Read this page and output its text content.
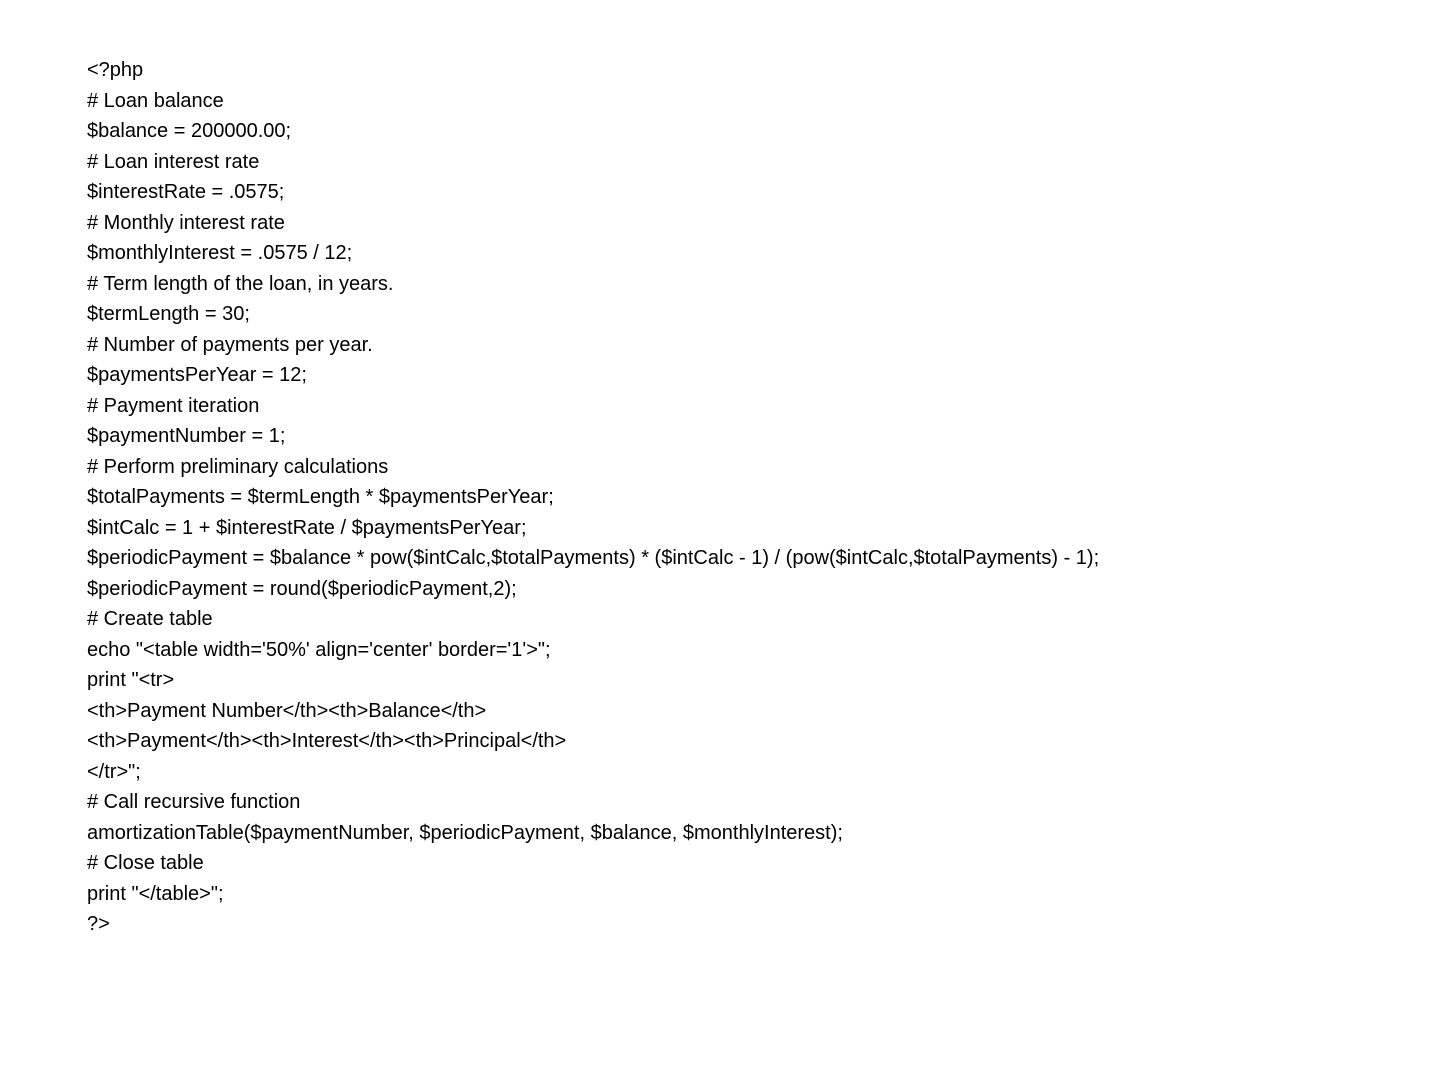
<?php
# Loan balance
$balance = 200000.00;
# Loan interest rate
$interestRate = .0575;
# Monthly interest rate
$monthlyInterest = .0575 / 12;
# Term length of the loan, in years.
$termLength = 30;
# Number of payments per year.
$paymentsPerYear = 12;
# Payment iteration
$paymentNumber = 1;
# Perform preliminary calculations
$totalPayments = $termLength * $paymentsPerYear;
$intCalc = 1 + $interestRate / $paymentsPerYear;
$periodicPayment = $balance * pow($intCalc,$totalPayments) * ($intCalc - 1) / (pow($intCalc,$totalPayments) - 1);
$periodicPayment = round($periodicPayment,2);
# Create table
echo "<table width='50%' align='center' border='1'>";
print "<tr>
<th>Payment Number</th><th>Balance</th>
<th>Payment</th><th>Interest</th><th>Principal</th>
</tr>";
# Call recursive function
amortizationTable($paymentNumber, $periodicPayment, $balance, $monthlyInterest);
# Close table
print "</table>";
?>
